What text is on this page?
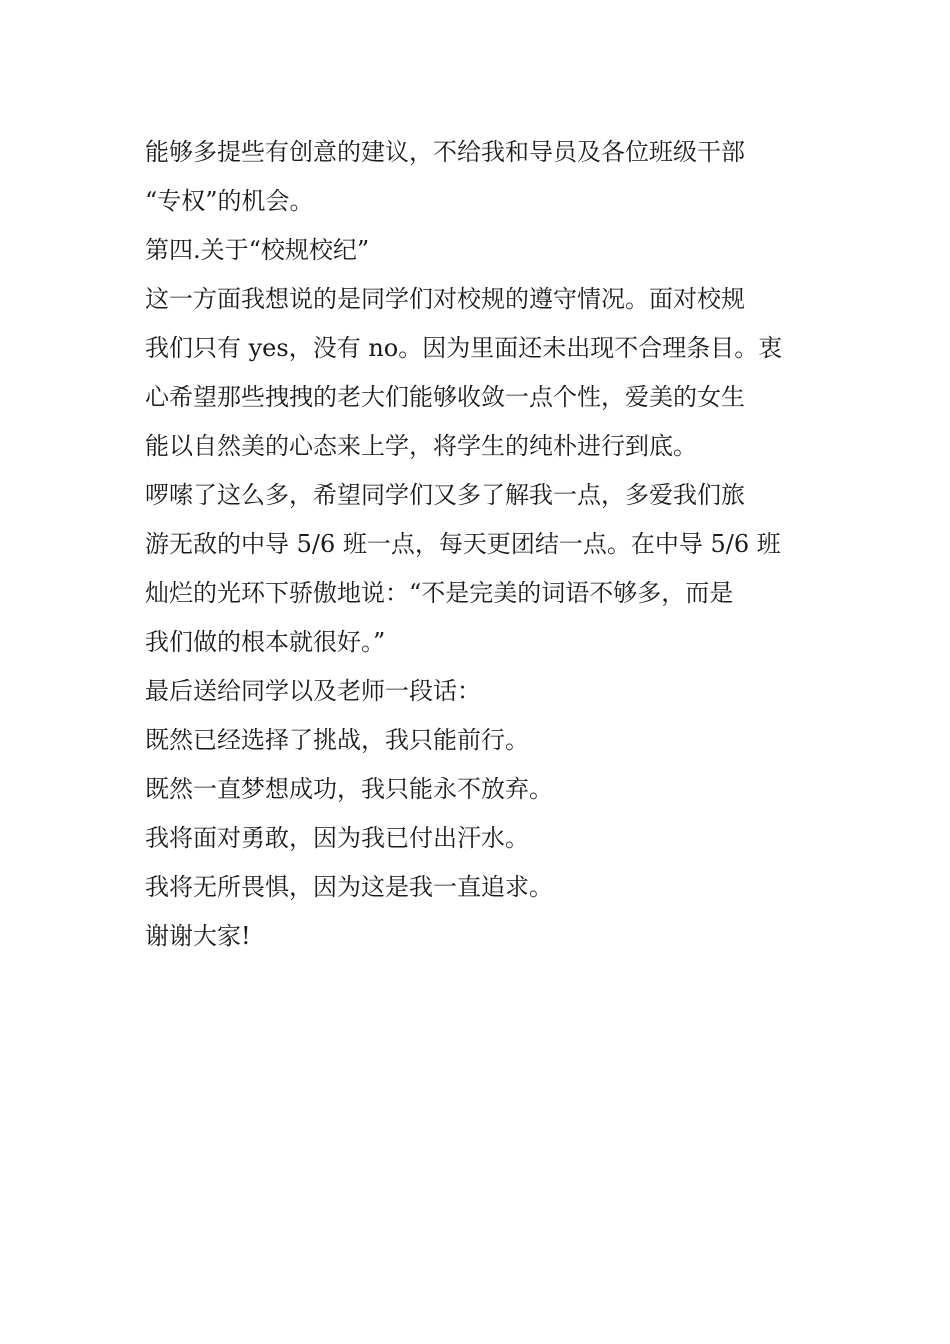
能够多提些有创意的建议，不给我和导员及各位班级干部
“专权”的机会。
第四.关于“校规校纪”
这一方面我想说的是同学们对校规的遵守情况。面对校规
我们只有 yes，没有 no。因为里面还未出现不合理条目。衷
心希望那些拽拽的老大们能够收敛一点个性，爱美的女生
能以自然美的心态来上学，将学生的纯朴进行到底。
啰嗦了这么多，希望同学们又多了解我一点，多爱我们旅
游无敌的中导 5/6 班一点，每天更团结一点。在中导 5/6 班
灿烂的光环下骄傲地说：“不是完美的词语不够多，而是
我们做的根本就很好。”
最后送给同学以及老师一段话：
既然已经选择了挑战，我只能前行。
既然一直梦想成功，我只能永不放弃。
我将面对勇敢，因为我已付出汗水。
我将无所畏惧，因为这是我一直追求。
谢谢大家!
